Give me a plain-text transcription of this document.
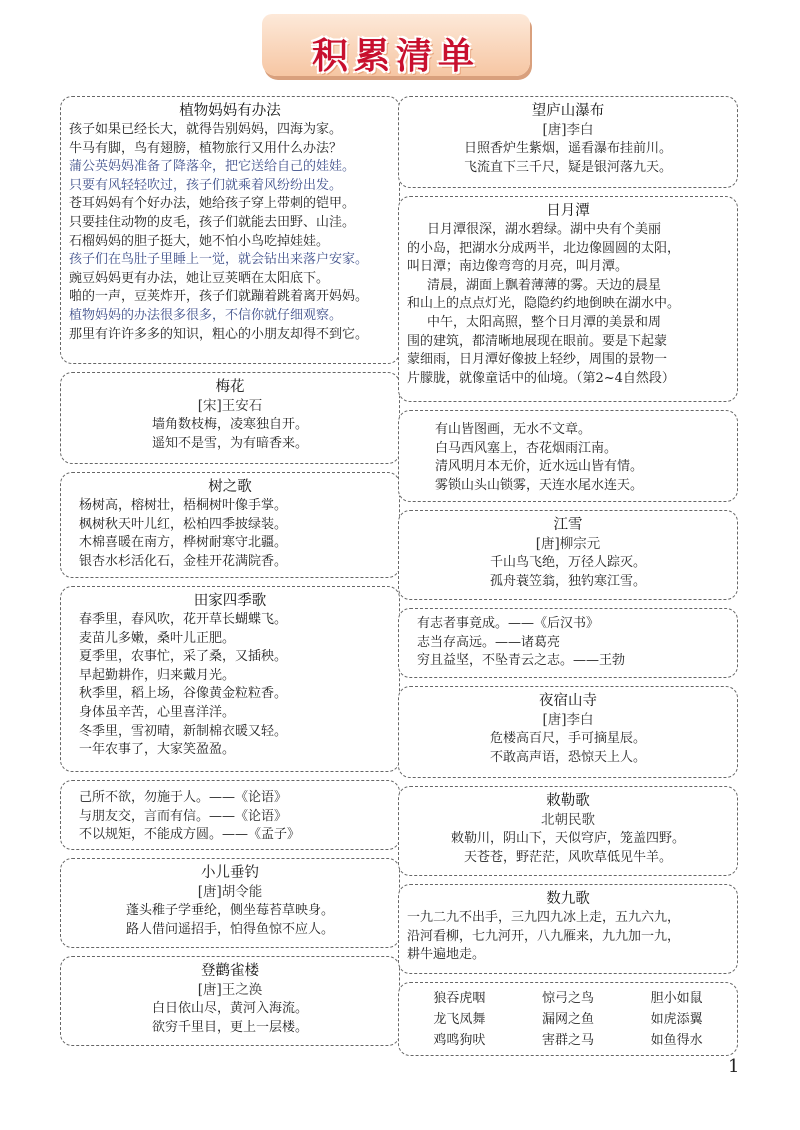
积累清单
植物妈妈有办法
孩子如果已经长大，就得告别妈妈，四海为家。
牛马有脚，鸟有翅膀，植物旅行又用什么办法？
蒲公英妈妈准备了降落伞，把它送给自己的娃娃。
只要有风轻轻吹过，孩子们就乘着风纷纷出发。
苍耳妈妈有个好办法，她给孩子穿上带刺的铠甲。
只要挂住动物的皮毛，孩子们就能去田野、山洼。
石榴妈妈的胆子挺大，她不怕小鸟吃掉娃娃。
孩子们在鸟肚子里睡上一觉，就会钻出来落户安家。
豌豆妈妈更有办法，她让豆荚晒在太阳底下。
啪的一声，豆荚炸开，孩子们就蹦着跳着离开妈妈。
植物妈妈的办法很多很多，不信你就仔细观察。
那里有许许多多的知识，粗心的小朋友却得不到它。
梅花
[宋]王安石
墙角数枝梅，凌寒独自开。
遥知不是雪，为有暗香来。
树之歌
杨树高，榕树壮，梧桐树叶像手掌。
枫树秋天叶儿红，松柏四季披绿装。
木棉喜暖在南方，桦树耐寒守北疆。
银杏水杉活化石，金桂开花满院香。
田家四季歌
春季里，春风吹，花开草长蝴蝶飞。
麦苗儿多嫩，桑叶儿正肥。
夏季里，农事忙，采了桑，又插秧。
早起勤耕作，归来戴月光。
秋季里，稻上场，谷像黄金粒粒香。
身体虽辛苦，心里喜洋洋。
冬季里，雪初晴，新制棉衣暖又轻。
一年农事了，大家笑盈盈。
己所不欲，勿施于人。——《论语》
与朋友交，言而有信。——《论语》
不以规矩，不能成方圆。——《孟子》
小儿垂钓
[唐]胡令能
蓬头稚子学垂纶，侧坐莓苔草映身。
路人借问遥招手，怕得鱼惊不应人。
登鹳雀楼
[唐]王之涣
白日依山尽，黄河入海流。
欲穷千里目，更上一层楼。
望庐山瀑布
[唐]李白
日照香炉生紫烟，遥看瀑布挂前川。
飞流直下三千尺，疑是银河落九天。
日月潭
日月潭很深，湖水碧绿。湖中央有个美丽
的小岛，把湖水分成两半，北边像圆圆的太阳，
叫日潭；南边像弯弯的月亮，叫月潭。
清晨，湖面上飘着薄薄的雾。天边的晨星
和山上的点点灯光，隐隐约约地倒映在湖水中。
中午，太阳高照，整个日月潭的美景和周
围的建筑，都清晰地展现在眼前。要是下起蒙
蒙细雨，日月潭好像披上轻纱，周围的景物一
片朦胧，就像童话中的仙境。（第2~4自然段）
有山皆图画，无水不文章。
白马西风塞上，杏花烟雨江南。
清风明月本无价，近水远山皆有情。
雾锁山头山锁雾，天连水尾水连天。
江雪
[唐]柳宗元
千山鸟飞绝，万径人踪灭。
孤舟蓑笠翁，独钓寒江雪。
有志者事竟成。——《后汉书》
志当存高远。——诸葛亮
穷且益坚，不坠青云之志。——王勃
夜宿山寺
[唐]李白
危楼高百尺，手可摘星辰。
不敢高声语，恐惊天上人。
敕勒歌
北朝民歌
敕勒川，阴山下，天似穹庐，笼盖四野。
天苍苍，野茫茫，风吹草低见牛羊。
数九歌
一九二九不出手，三九四九冰上走，五九六九，
沿河看柳，七九河开，八九雁来，九九加一九，
耕牛遍地走。
狼吞虎咽	惊弓之鸟	胆小如鼠
龙飞凤舞	漏网之鱼	如虎添翼
鸡鸣狗吠	害群之马	如鱼得水
1
